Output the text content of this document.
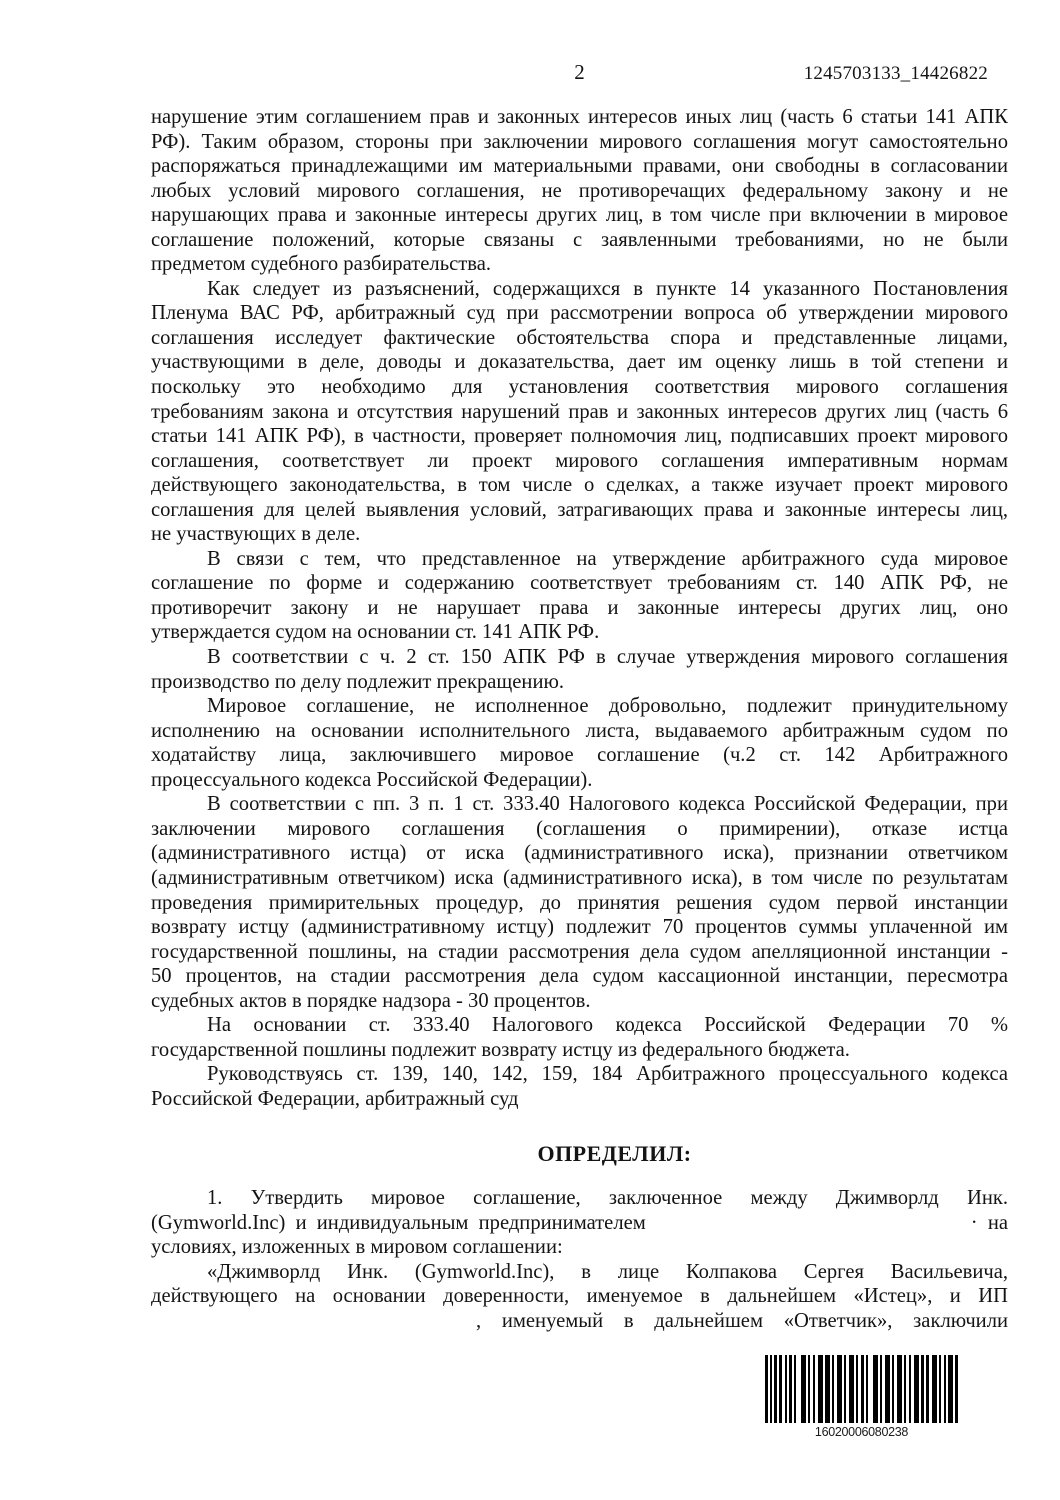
2	1245703133_14426822
нарушение этим соглашением прав и законных интересов иных лиц (часть 6 статьи 141 АПК
РФ). Таким образом, стороны при заключении мирового соглашения могут самостоятельно
распоряжаться принадлежащими им материальными правами, они свободны в согласовании
любых условий мирового соглашения, не противоречащих федеральному закону и не
нарушающих права и законные интересы других лиц, в том числе при включении в мировое
соглашение положений, которые связаны с заявленными требованиями, но не были
предметом судебного разбирательства.
Как следует из разъяснений, содержащихся в пункте 14 указанного Постановления
Пленума ВАС РФ, арбитражный суд при рассмотрении вопроса об утверждении мирового
соглашения исследует фактические обстоятельства спора и представленные лицами,
участвующими в деле, доводы и доказательства, дает им оценку лишь в той степени и
поскольку это необходимо для установления соответствия мирового соглашения
требованиям закона и отсутствия нарушений прав и законных интересов других лиц (часть 6
статьи 141 АПК РФ), в частности, проверяет полномочия лиц, подписавших проект мирового
соглашения, соответствует ли проект мирового соглашения императивным нормам
действующего законодательства, в том числе о сделках, а также изучает проект мирового
соглашения для целей выявления условий, затрагивающих права и законные интересы лиц,
не участвующих в деле.
В связи с тем, что представленное на утверждение арбитражного суда мировое
соглашение по форме и содержанию соответствует требованиям ст. 140 АПК РФ, не
противоречит закону и не нарушает права и законные интересы других лиц, оно
утверждается судом на основании ст. 141 АПК РФ.
В соответствии с ч. 2 ст. 150 АПК РФ в случае утверждения мирового соглашения
производство по делу подлежит прекращению.
Мировое соглашение, не исполненное добровольно, подлежит принудительному
исполнению на основании исполнительного листа, выдаваемого арбитражным судом по
ходатайству лица, заключившего мировое соглашение (ч.2 ст. 142 Арбитражного
процессуального кодекса Российской Федерации).
В соответствии с пп. 3 п. 1 ст. 333.40 Налогового кодекса Российской Федерации, при
заключении мирового соглашения (соглашения о примирении), отказе истца
(административного истца) от иска (административного иска), признании ответчиком
(административным ответчиком) иска (административного иска), в том числе по результатам
проведения примирительных процедур, до принятия решения судом первой инстанции
возврату истцу (административному истцу) подлежит 70 процентов суммы уплаченной им
государственной пошлины, на стадии рассмотрения дела судом апелляционной инстанции -
50 процентов, на стадии рассмотрения дела судом кассационной инстанции, пересмотра
судебных актов в порядке надзора - 30 процентов.
На основании ст. 333.40 Налогового кодекса Российской Федерации 70 %
государственной пошлины подлежит возврату истцу из федерального бюджета.
Руководствуясь ст. 139, 140, 142, 159, 184 Арбитражного процессуального кодекса
Российской Федерации, арбитражный суд
ОПРЕДЕЛИЛ:
1. Утвердить мировое соглашение, заключенное между Джимворлд Инк.
(Gymworld.Inc) и индивидуальным предпринимателем	· на
условиях, изложенных в мировом соглашении:
«Джимворлд Инк. (Gymworld.Inc), в лице Колпакова Сергея Васильевича,
действующего на основании доверенности, именуемое в дальнейшем «Истец», и ИП
, именуемый в дальнейшем «Ответчик», заключили
16020006080238
